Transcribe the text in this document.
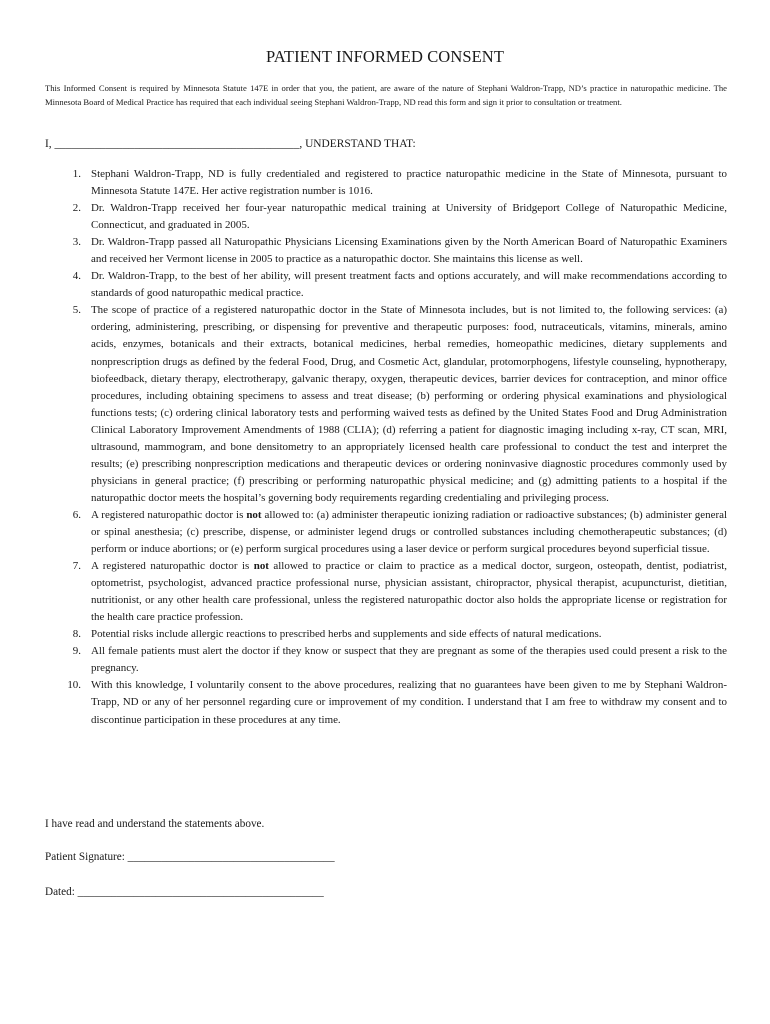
PATIENT INFORMED CONSENT
This Informed Consent is required by Minnesota Statute 147E in order that you, the patient, are aware of the nature of Stephani Waldron-Trapp, ND’s practice in naturopathic medicine. The Minnesota Board of Medical Practice has required that each individual seeing Stephani Waldron-Trapp, ND read this form and sign it prior to consultation or treatment.
I, ___________________________________________, UNDERSTAND THAT:
1. Stephani Waldron-Trapp, ND is fully credentialed and registered to practice naturopathic medicine in the State of Minnesota, pursuant to Minnesota Statute 147E. Her active registration number is 1016.
2. Dr. Waldron-Trapp received her four-year naturopathic medical training at University of Bridgeport College of Naturopathic Medicine, Connecticut, and graduated in 2005.
3. Dr. Waldron-Trapp passed all Naturopathic Physicians Licensing Examinations given by the North American Board of Naturopathic Examiners and received her Vermont license in 2005 to practice as a naturopathic doctor. She maintains this license as well.
4. Dr. Waldron-Trapp, to the best of her ability, will present treatment facts and options accurately, and will make recommendations according to standards of good naturopathic medical practice.
5. The scope of practice of a registered naturopathic doctor in the State of Minnesota includes, but is not limited to, the following services: (a) ordering, administering, prescribing, or dispensing for preventive and therapeutic purposes: food, nutraceuticals, vitamins, minerals, amino acids, enzymes, botanicals and their extracts, botanical medicines, herbal remedies, homeopathic medicines, dietary supplements and nonprescription drugs as defined by the federal Food, Drug, and Cosmetic Act, glandular, protomorphogens, lifestyle counseling, hypnotherapy, biofeedback, dietary therapy, electrotherapy, galvanic therapy, oxygen, therapeutic devices, barrier devices for contraception, and minor office procedures, including obtaining specimens to assess and treat disease; (b) performing or ordering physical examinations and physiological functions tests; (c) ordering clinical laboratory tests and performing waived tests as defined by the United States Food and Drug Administration Clinical Laboratory Improvement Amendments of 1988 (CLIA); (d) referring a patient for diagnostic imaging including x-ray, CT scan, MRI, ultrasound, mammogram, and bone densitometry to an appropriately licensed health care professional to conduct the test and interpret the results; (e) prescribing nonprescription medications and therapeutic devices or ordering noninvasive diagnostic procedures commonly used by physicians in general practice; (f) prescribing or performing naturopathic physical medicine; and (g) admitting patients to a hospital if the naturopathic doctor meets the hospital’s governing body requirements regarding credentialing and privileging process.
6. A registered naturopathic doctor is not allowed to: (a) administer therapeutic ionizing radiation or radioactive substances; (b) administer general or spinal anesthesia; (c) prescribe, dispense, or administer legend drugs or controlled substances including chemotherapeutic substances; (d) perform or induce abortions; or (e) perform surgical procedures using a laser device or perform surgical procedures beyond superficial tissue.
7. A registered naturopathic doctor is not allowed to practice or claim to practice as a medical doctor, surgeon, osteopath, dentist, podiatrist, optometrist, psychologist, advanced practice professional nurse, physician assistant, chiropractor, physical therapist, acupuncturist, dietitian, nutritionist, or any other health care professional, unless the registered naturopathic doctor also holds the appropriate license or registration for the health care practice profession.
8. Potential risks include allergic reactions to prescribed herbs and supplements and side effects of natural medications.
9. All female patients must alert the doctor if they know or suspect that they are pregnant as some of the therapies used could present a risk to the pregnancy.
10. With this knowledge, I voluntarily consent to the above procedures, realizing that no guarantees have been given to me by Stephani Waldron-Trapp, ND or any of her personnel regarding cure or improvement of my condition. I understand that I am free to withdraw my consent and to discontinue participation in these procedures at any time.
I have read and understand the statements above.
Patient Signature: _____________________________________
Dated: ____________________________________________
